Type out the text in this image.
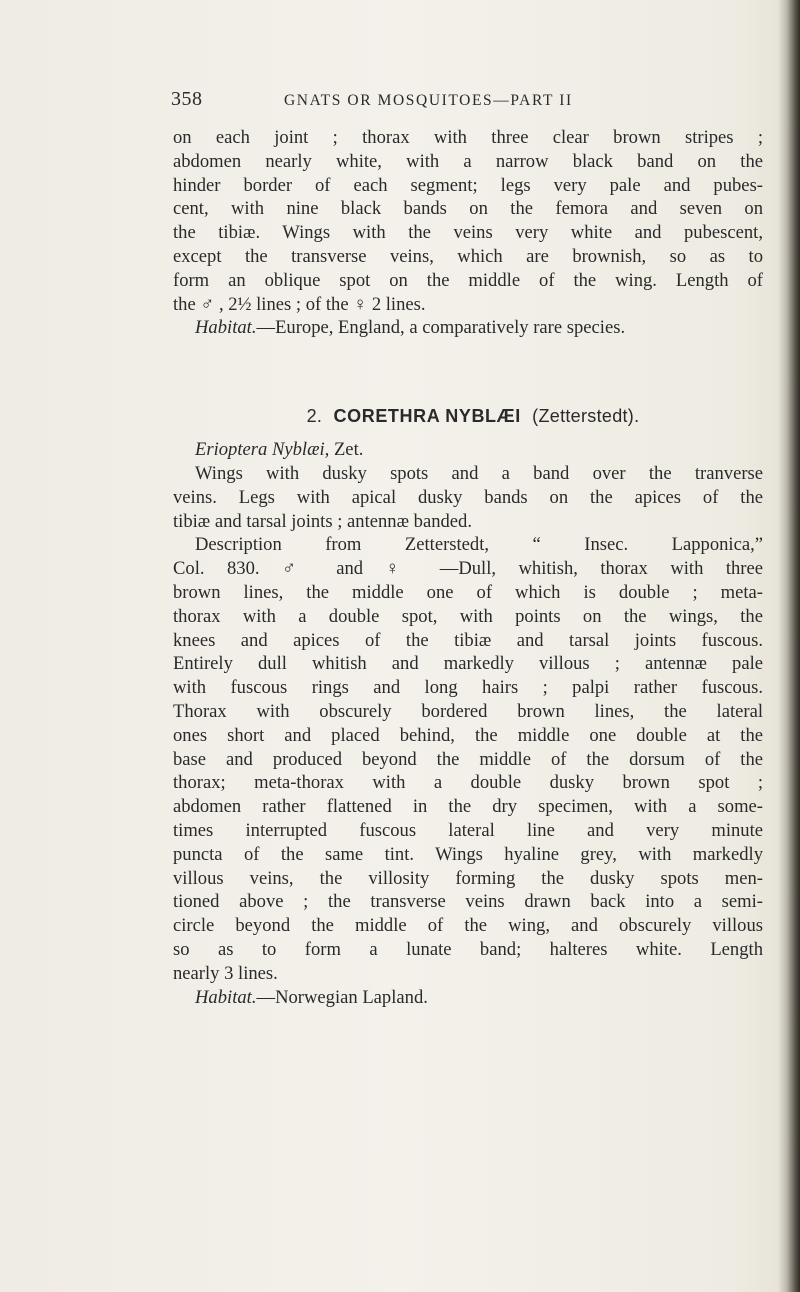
358	GNATS OR MOSQUITOES—PART II
on each joint ; thorax with three clear brown stripes ;
abdomen nearly white, with a narrow black band on the
hinder border of each segment; legs very pale and pubes-
cent, with nine black bands on the femora and seven on
the tibiæ. Wings with the veins very white and pubescent,
except the transverse veins, which are brownish, so as to
form an oblique spot on the middle of the wing. Length of
the ♂ , 2½ lines ; of the ♀ 2 lines.
Habitat.—Europe, England, a comparatively rare species.
2. CORETHRA NYBLÆI (Zetterstedt).
Erioptera Nyblæi, Zet.
Wings with dusky spots and a band over the tranverse
veins. Legs with apical dusky bands on the apices of the
tibiæ and tarsal joints ; antennæ banded.
Description from Zetterstedt, “ Insec. Lapponica,”
Col. 830. ♂ and ♀ —Dull, whitish, thorax with three
brown lines, the middle one of which is double ; meta-
thorax with a double spot, with points on the wings, the
knees and apices of the tibiæ and tarsal joints fuscous.
Entirely dull whitish and markedly villous ; antennæ pale
with fuscous rings and long hairs ; palpi rather fuscous.
Thorax with obscurely bordered brown lines, the lateral
ones short and placed behind, the middle one double at the
base and produced beyond the middle of the dorsum of the
thorax; meta-thorax with a double dusky brown spot ;
abdomen rather flattened in the dry specimen, with a some-
times interrupted fuscous lateral line and very minute
puncta of the same tint. Wings hyaline grey, with markedly
villous veins, the villosity forming the dusky spots men-
tioned above ; the transverse veins drawn back into a semi-
circle beyond the middle of the wing, and obscurely villous
so as to form a lunate band; halteres white. Length
nearly 3 lines.
Habitat.—Norwegian Lapland.
